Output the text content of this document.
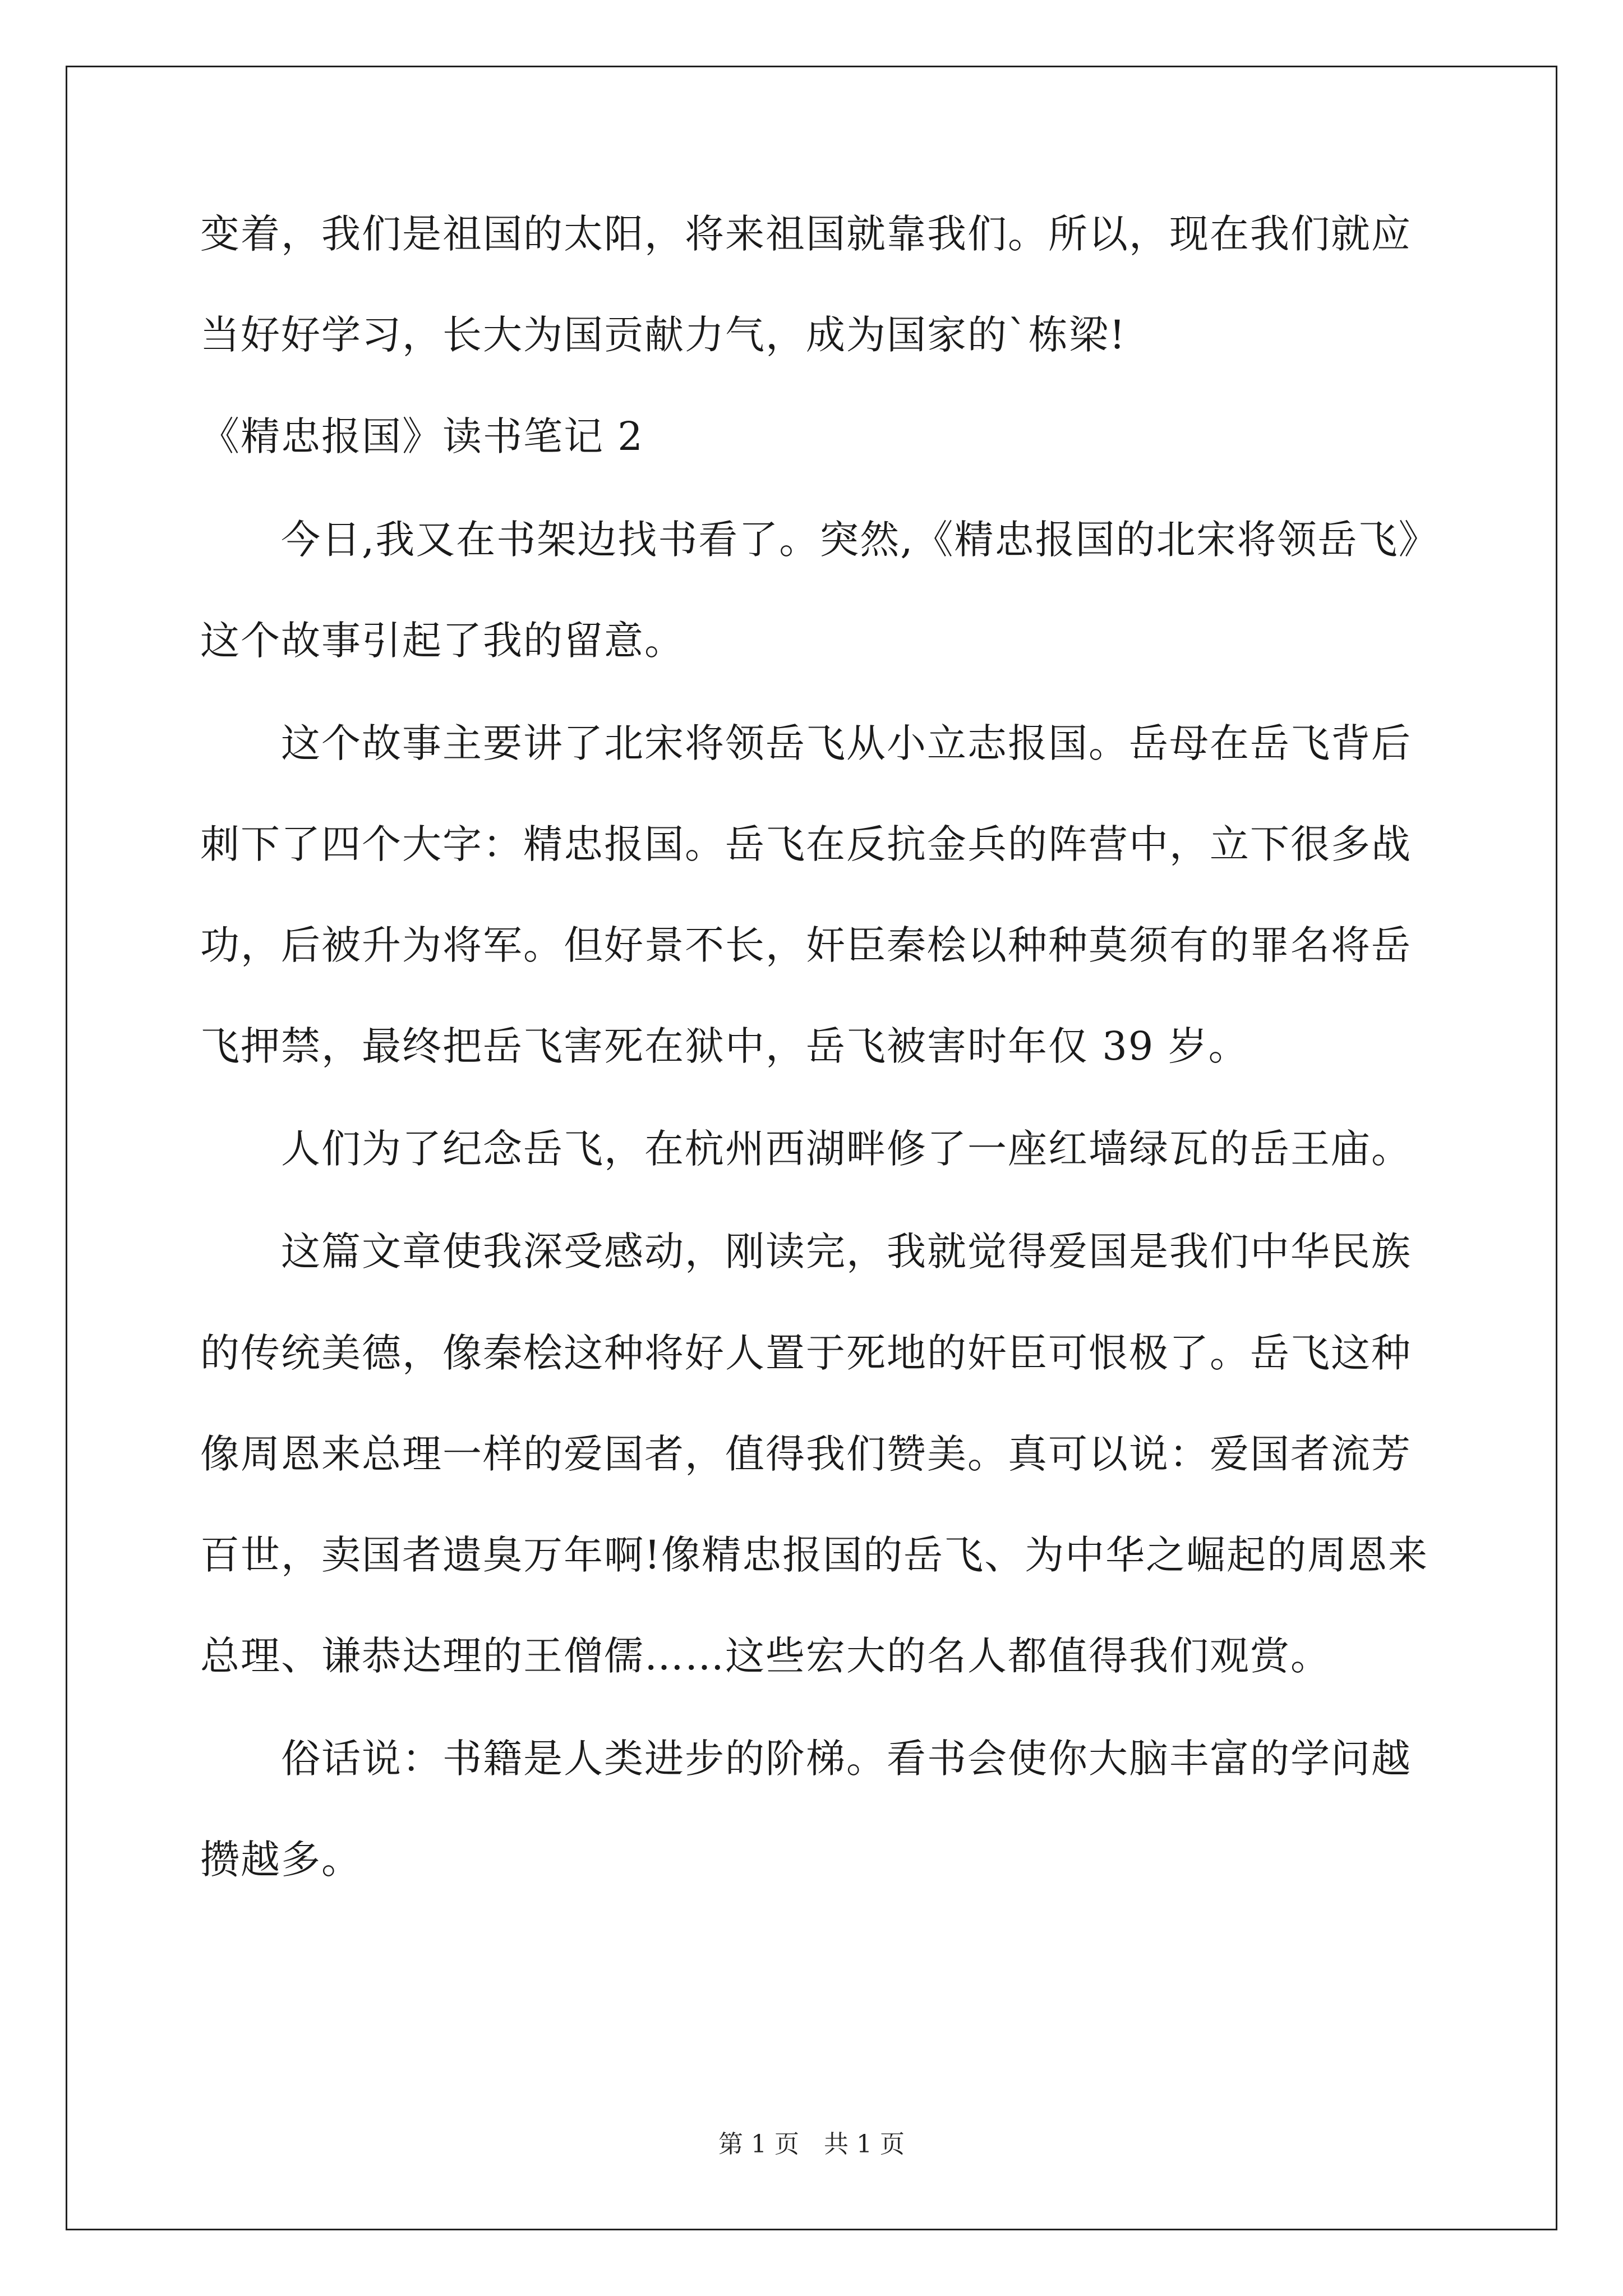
变着，我们是祖国的太阳，将来祖国就靠我们。所以，现在我们就应

当好好学习，长大为国贡献力气，成为国家的`栋梁!

《精忠报国》读书笔记 2

　　今日,我又在书架边找书看了。突然,《精忠报国的北宋将领岳飞》

这个故事引起了我的留意。

　　这个故事主要讲了北宋将领岳飞从小立志报国。岳母在岳飞背后

刺下了四个大字：精忠报国。岳飞在反抗金兵的阵营中，立下很多战

功，后被升为将军。但好景不长，奸臣秦桧以种种莫须有的罪名将岳

飞押禁，最终把岳飞害死在狱中，岳飞被害时年仅 39 岁。

　　人们为了纪念岳飞，在杭州西湖畔修了一座红墙绿瓦的岳王庙。

　　这篇文章使我深受感动，刚读完，我就觉得爱国是我们中华民族

的传统美德，像秦桧这种将好人置于死地的奸臣可恨极了。岳飞这种

像周恩来总理一样的爱国者，值得我们赞美。真可以说：爱国者流芳

百世，卖国者遗臭万年啊!像精忠报国的岳飞、为中华之崛起的周恩来

总理、谦恭达理的王僧儒……这些宏大的名人都值得我们观赏。

　　俗话说：书籍是人类进步的阶梯。看书会使你大脑丰富的学问越

攒越多。

第 1 页　共 1 页
